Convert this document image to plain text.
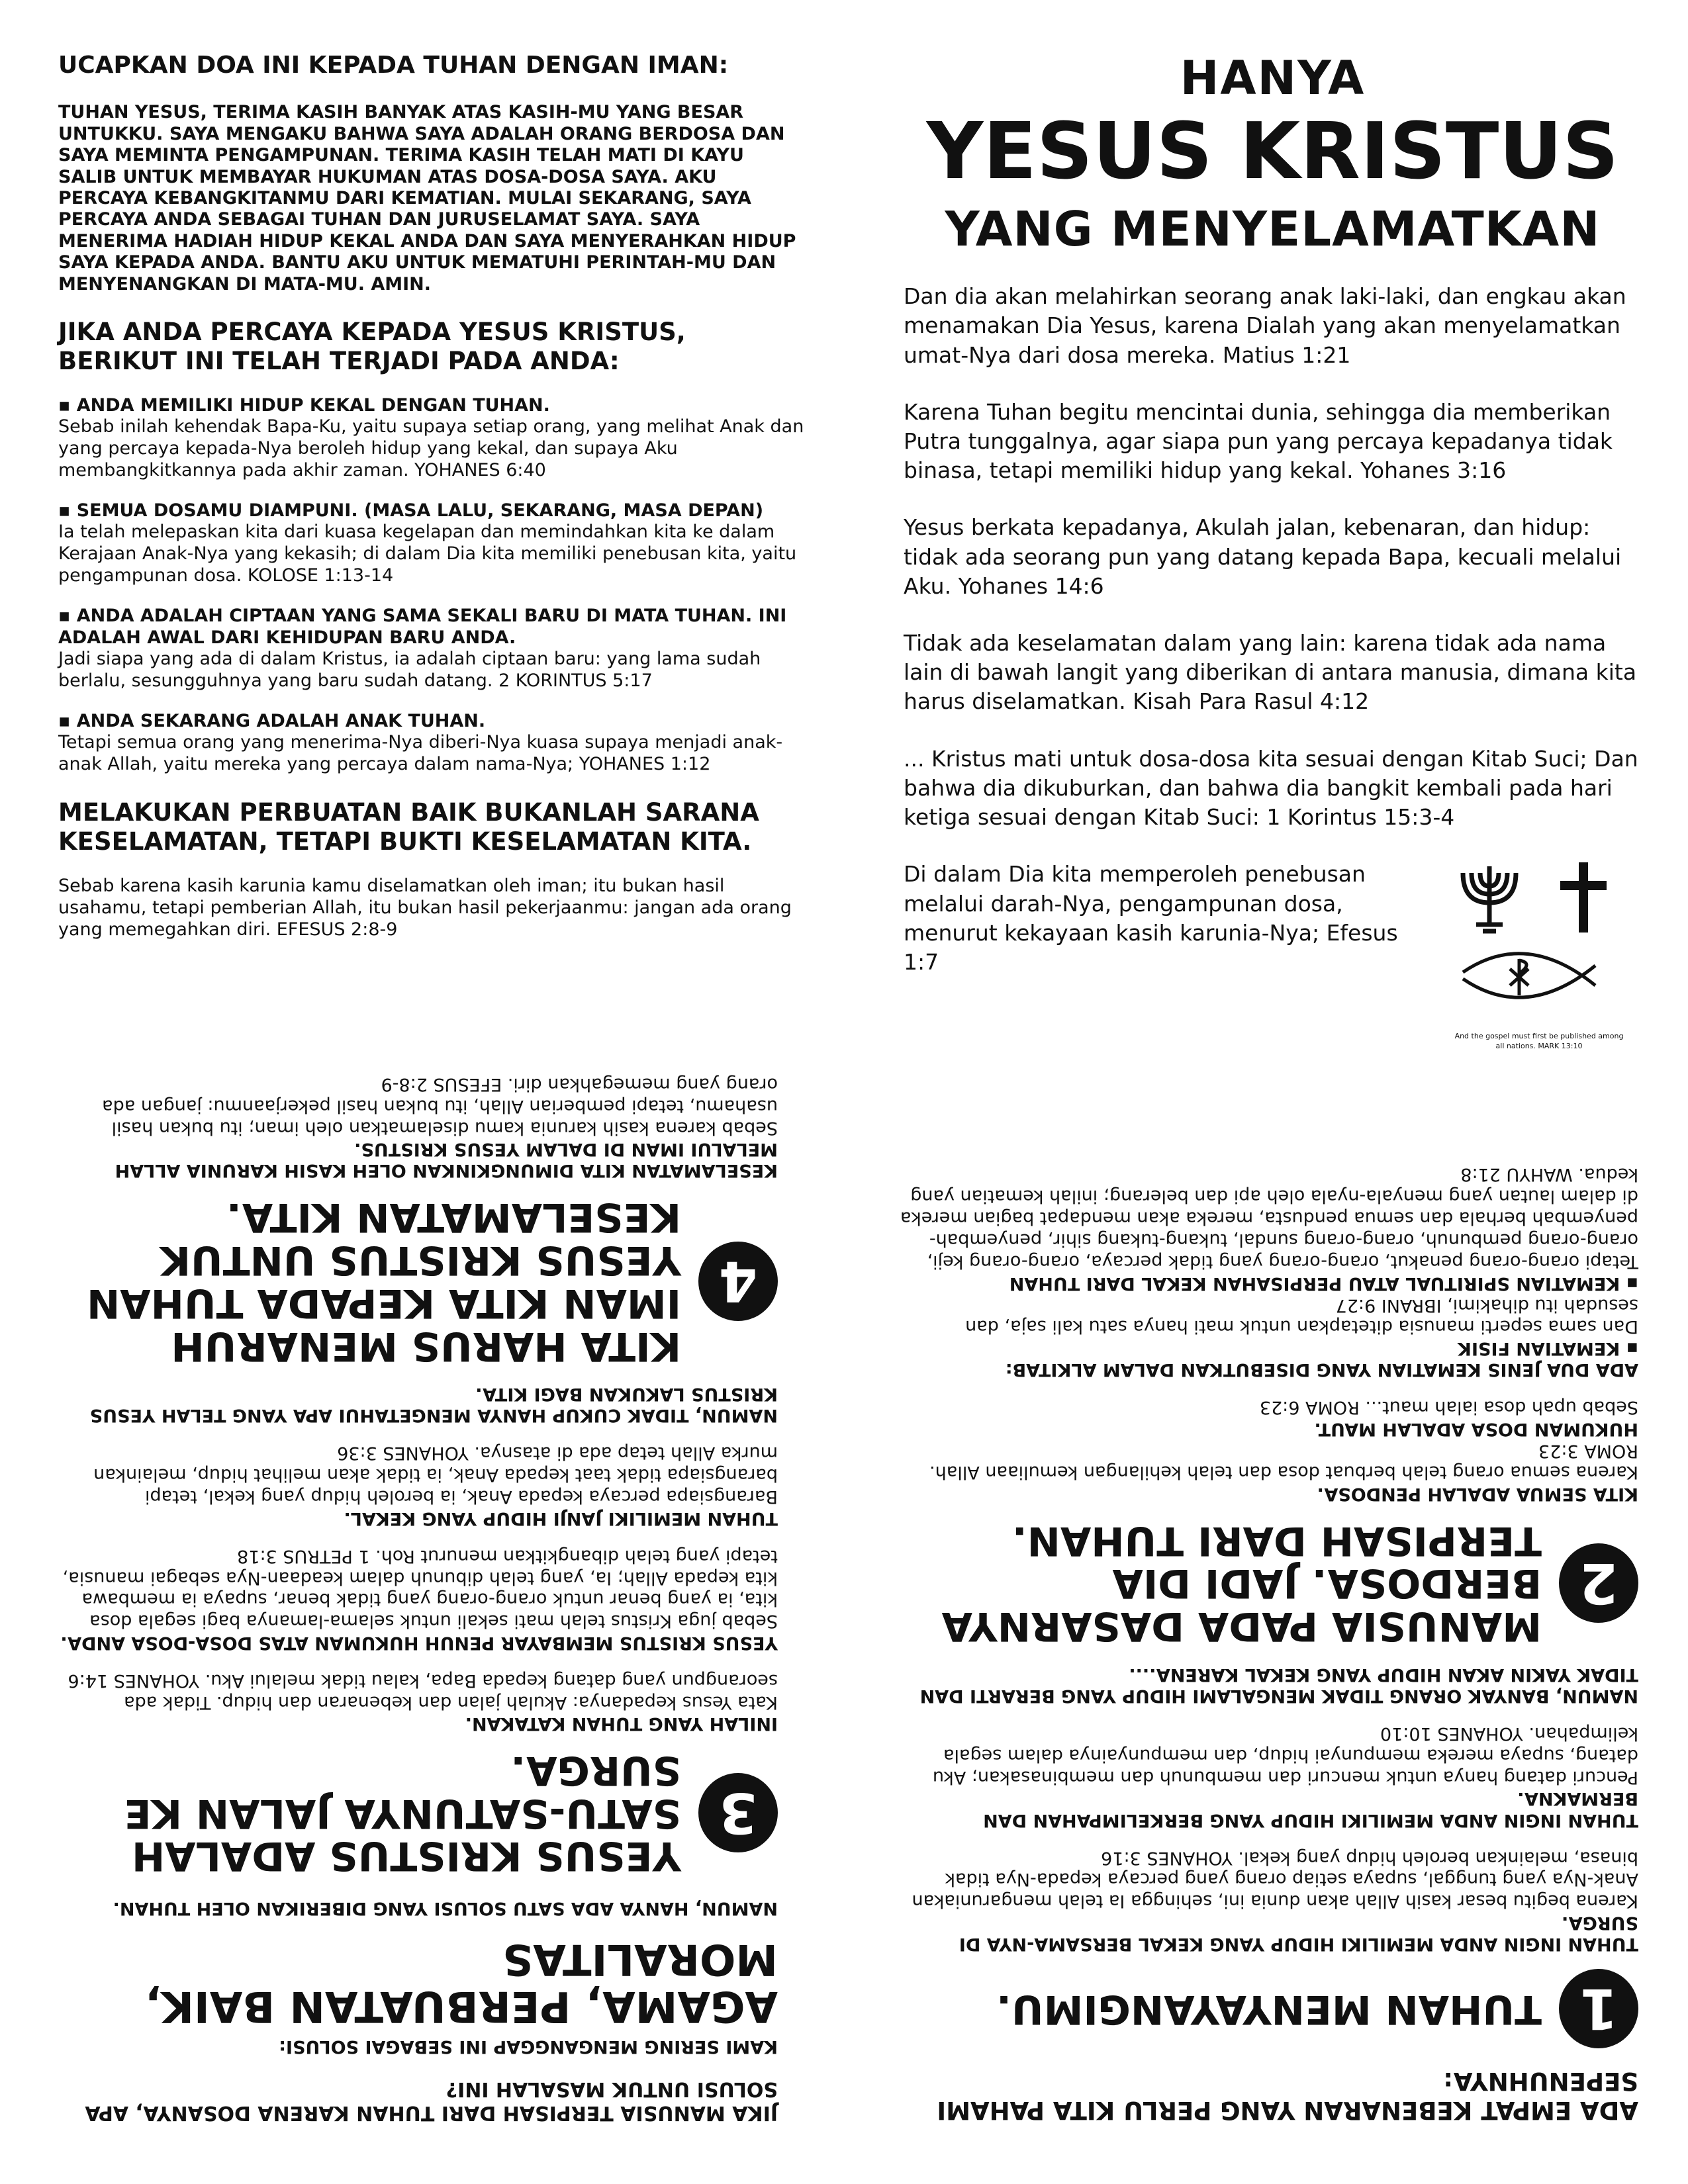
UCAPKAN DOA INI KEPADA TUHAN DENGAN IMAN:

TUHAN YESUS, TERIMA KASIH BANYAK ATAS KASIH-MU YANG BESAR UNTUKKU. SAYA MENGAKU BAHWA SAYA ADALAH ORANG BERDOSA DAN SAYA MEMINTA PENGAMPUNAN. TERIMA KASIH TELAH MATI DI KAYU SALIB UNTUK MEMBAYAR HUKUMAN ATAS DOSA-DOSA SAYA. AKU PERCAYA KEBANGKITANMU DARI KEMATIAN. MULAI SEKARANG, SAYA PERCAYA ANDA SEBAGAI TUHAN DAN JURUSELAMAT SAYA. SAYA MENERIMA HADIAH HIDUP KEKAL ANDA DAN SAYA MENYERAHKAN HIDUP SAYA KEPADA ANDA. BANTU AKU UNTUK MEMATUHI PERINTAH-MU DAN MENYENANGKAN DI MATA-MU. AMIN.

JIKA ANDA PERCAYA KEPADA YESUS KRISTUS, BERIKUT INI TELAH TERJADI PADA ANDA:

▪ ANDA MEMILIKI HIDUP KEKAL DENGAN TUHAN.

Sebab inilah kehendak Bapa-Ku, yaitu supaya setiap orang, yang melihat Anak dan yang percaya kepada-Nya beroleh hidup yang kekal, dan supaya Aku membangkitkannya pada akhir zaman. YOHANES 6:40

▪ SEMUA DOSAMU DIAMPUNI. (MASA LALU, SEKARANG, MASA DEPAN)

Ia telah melepaskan kita dari kuasa kegelapan dan memindahkan kita ke dalam Kerajaan Anak-Nya yang kekasih; di dalam Dia kita memiliki penebusan kita, yaitu pengampunan dosa. KOLOSE 1:13-14

▪ ANDA ADALAH CIPTAAN YANG SAMA SEKALI BARU DI MATA TUHAN. INI ADALAH AWAL DARI KEHIDUPAN BARU ANDA.

Jadi siapa yang ada di dalam Kristus, ia adalah ciptaan baru: yang lama sudah berlalu, sesungguhnya yang baru sudah datang. 2 KORINTUS 5:17

▪ ANDA SEKARANG ADALAH ANAK TUHAN.

Tetapi semua orang yang menerima-Nya diberi-Nya kuasa supaya menjadi anak-anak Allah, yaitu mereka yang percaya dalam nama-Nya; YOHANES 1:12

MELAKUKAN PERBUATAN BAIK BUKANLAH SARANA KESELAMATAN, TETAPI BUKTI KESELAMATAN KITA.

Sebab karena kasih karunia kamu diselamatkan oleh iman; itu bukan hasil usahamu, tetapi pemberian Allah, itu bukan hasil pekerjaanmu: jangan ada orang yang memegahkan diri. EFESUS 2:8-9

HANYA

YESUS KRISTUS

YANG MENYELAMATKAN

Dan dia akan melahirkan seorang anak laki-laki, dan engkau akan menamakan Dia Yesus, karena Dialah yang akan menyelamatkan umat-Nya dari dosa mereka. Matius 1:21

Karena Tuhan begitu mencintai dunia, sehingga dia memberikan Putra tunggalnya, agar siapa pun yang percaya kepadanya tidak binasa, tetapi memiliki hidup yang kekal. Yohanes 3:16

Yesus berkata kepadanya, Akulah jalan, kebenaran, dan hidup: tidak ada seorang pun yang datang kepada Bapa, kecuali melalui Aku. Yohanes 14:6

Tidak ada keselamatan dalam yang lain: karena tidak ada nama lain di bawah langit yang diberikan di antara manusia, dimana kita harus diselamatkan. Kisah Para Rasul 4:12

... Kristus mati untuk dosa-dosa kita sesuai dengan Kitab Suci; Dan bahwa dia dikuburkan, dan bahwa dia bangkit kembali pada hari ketiga sesuai dengan Kitab Suci: 1 Korintus 15:3-4

Di dalam Dia kita memperoleh penebusan melalui darah-Nya, pengampunan dosa, menurut kekayaan kasih karunia-Nya; Efesus 1:7

And the gospel must first be published among all nations. MARK 13:10

JIKA MANUSIA TERPISAH DARI TUHAN KARENA DOSANYA, APA SOLUSI UNTUK MASALAH INI?

KAMI SERING MENGANGGAP INI SEBAGAI SOLUSI:

AGAMA, PERBUATAN BAIK, MORALITAS

NAMUN, HANYA ADA SATU SOLUSI YANG DIBERIKAN OLEH TUHAN.

3

YESUS KRISTUS ADALAH SATU-SATUNYA JALAN KE SURGA.

INILAH YANG TUHAN KATAKAN.

Kata Yesus kepadanya: Akulah jalan dan kebenaran dan hidup. Tidak ada seorangpun yang datang kepada Bapa, kalau tidak melalui Aku. YOHANES 14:6

YESUS KRISTUS MEMBAYAR PENUH HUKUMAN ATAS DOSA-DOSA ANDA.

Sebab juga Kristus telah mati sekali untuk selama-lamanya bagi segala dosa kita, ia yang benar untuk orang-orang yang tidak benar, supaya ia membawa kita kepada Allah; Ia, yang telah dibunuh dalam keadaan-Nya sebagai manusia, tetapi yang telah dibangkitkan menurut Roh. 1 PETRUS 3:18

TUHAN MEMILIKI JANJI HIDUP YANG KEKAL.

Barangsiapa percaya kepada Anak, ia beroleh hidup yang kekal, tetapi barangsiapa tidak taat kepada Anak, ia tidak akan melihat hidup, melainkan murka Allah tetap ada di atasnya. YOHANES 3:36

NAMUN, TIDAK CUKUP HANYA MENGETAHUI APA YANG TELAH YESUS KRISTUS LAKUKAN BAGI KITA.

4

KITA HARUS MENARUH IMAN KITA KEPADA TUHAN YESUS KRISTUS UNTUK KESELAMATAN KITA.

KESELAMATAN KITA DIMUNGKINKAN OLEH KASIH KARUNIA ALLAH MELALUI IMAN DI DALAM YESUS KRISTUS.

Sebab karena kasih karunia kamu diselamatkan oleh iman; itu bukan hasil usahamu, tetapi pemberian Allah, itu bukan hasil pekerjaanmu: jangan ada orang yang memegahkan diri. EFESUS 2:8-9

ADA EMPAT KEBENARAN YANG PERLU KITA PAHAMI SEPENUHNYA:

1

TUHAN MENYAYANGIMU.

TUHAN INGIN ANDA MEMILIKI HIDUP YANG KEKAL BERSAMA-NYA DI SURGA.

Karena begitu besar kasih Allah akan dunia ini, sehingga Ia telah mengaruniakan Anak-Nya yang tunggal, supaya setiap orang yang percaya kepada-Nya tidak binasa, melainkan beroleh hidup yang kekal. YOHANES 3:16

TUHAN INGIN ANDA MEMILIKI HIDUP YANG BERKELIMPAHAN DAN BERMAKNA.

Pencuri datang hanya untuk mencuri dan membunuh dan membinasakan; Aku datang, supaya mereka mempunyai hidup, dan mempunyainya dalam segala kelimpahan. YOHANES 10:10

NAMUN, BANYAK ORANG TIDAK MENGALAMI HIDUP YANG BERARTI DAN TIDAK YAKIN AKAN HIDUP YANG KEKAL KARENA....

2

MANUSIA PADA DASARNYA BERDOSA. JADI DIA TERPISAH DARI TUHAN.

KITA SEMUA ADALAH PENDOSA.

Karena semua orang telah berbuat dosa dan telah kehilangan kemuliaan Allah. ROMA 3:23

HUKUMAN DOSA ADALAH MAUT.

Sebab upah dosa ialah maut... ROMA 6:23

ADA DUA JENIS KEMATIAN YANG DISEBUTKAN DALAM ALKITAB:

▪ KEMATIAN FISIK

Dan sama seperti manusia ditetapkan untuk mati hanya satu kali saja, dan sesudah itu dihakimi, IBRANI 9:27

▪ KEMATIAN SPIRITUAL ATAU PERPISAHAN KEKAL DARI TUHAN

Tetapi orang-orang penakut, orang-orang yang tidak percaya, orang-orang keji, orang-orang pembunuh, orang-orang sundal, tukang-tukang sihir, penyembah-penyembah berhala dan semua pendusta, mereka akan mendapat bagian mereka di dalam lautan yang menyala-nyala oleh api dan belerang; inilah kematian yang kedua. WAHYU 21:8
